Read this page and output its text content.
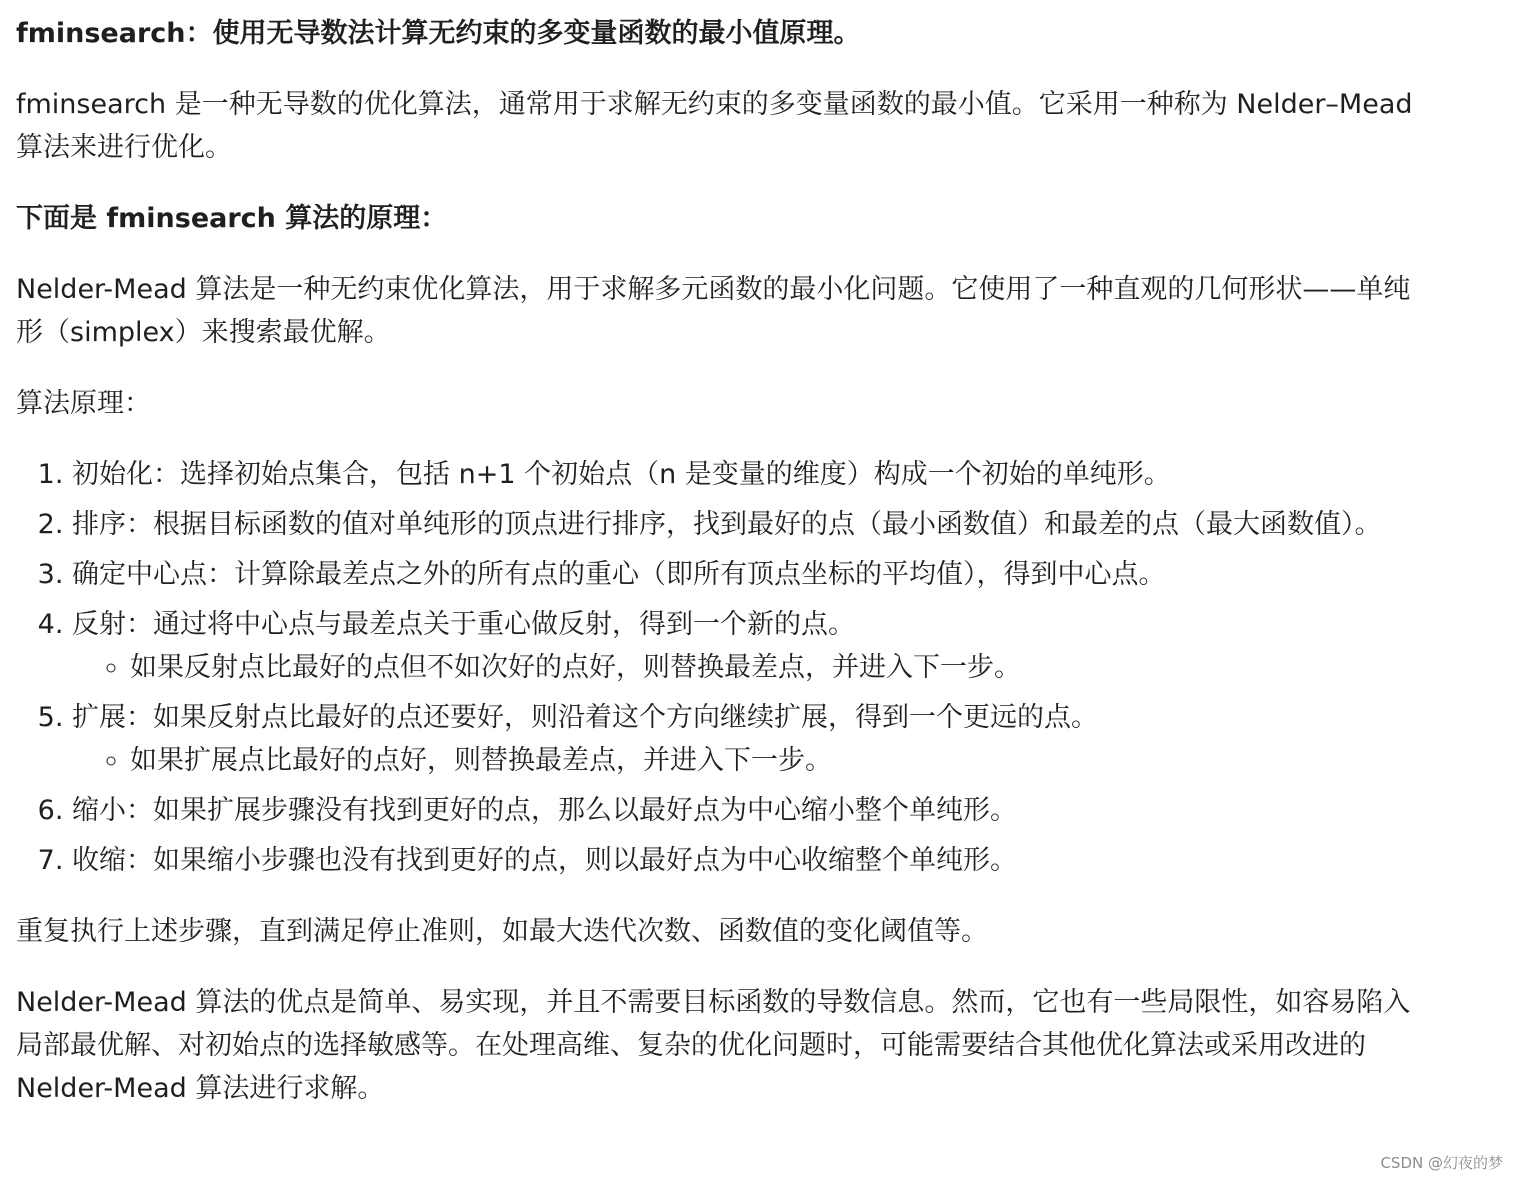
fminsearch：使用无导数法计算无约束的多变量函数的最小值原理。

fminsearch 是一种无导数的优化算法，通常用于求解无约束的多变量函数的最小值。它采用一种称为 Nelder–Mead 算法来进行优化。

下面是 fminsearch 算法的原理：

Nelder-Mead 算法是一种无约束优化算法，用于求解多元函数的最小化问题。它使用了一种直观的几何形状——单纯形（simplex）来搜索最优解。

算法原理：

1. 初始化：选择初始点集合，包括 n+1 个初始点（n 是变量的维度）构成一个初始的单纯形。
2. 排序：根据目标函数的值对单纯形的顶点进行排序，找到最好的点（最小函数值）和最差的点（最大函数值）。
3. 确定中心点：计算除最差点之外的所有点的重心（即所有顶点坐标的平均值），得到中心点。
4. 反射：通过将中心点与最差点关于重心做反射，得到一个新的点。
◦ 如果反射点比最好的点但不如次好的点好，则替换最差点，并进入下一步。
5. 扩展：如果反射点比最好的点还要好，则沿着这个方向继续扩展，得到一个更远的点。
◦ 如果扩展点比最好的点好，则替换最差点，并进入下一步。
6. 缩小：如果扩展步骤没有找到更好的点，那么以最好点为中心缩小整个单纯形。
7. 收缩：如果缩小步骤也没有找到更好的点，则以最好点为中心收缩整个单纯形。

重复执行上述步骤，直到满足停止准则，如最大迭代次数、函数值的变化阈值等。

Nelder-Mead 算法的优点是简单、易实现，并且不需要目标函数的导数信息。然而，它也有一些局限性，如容易陷入局部最优解、对初始点的选择敏感等。在处理高维、复杂的优化问题时，可能需要结合其他优化算法或采用改进的 Nelder-Mead 算法进行求解。

CSDN @幻夜的梦
